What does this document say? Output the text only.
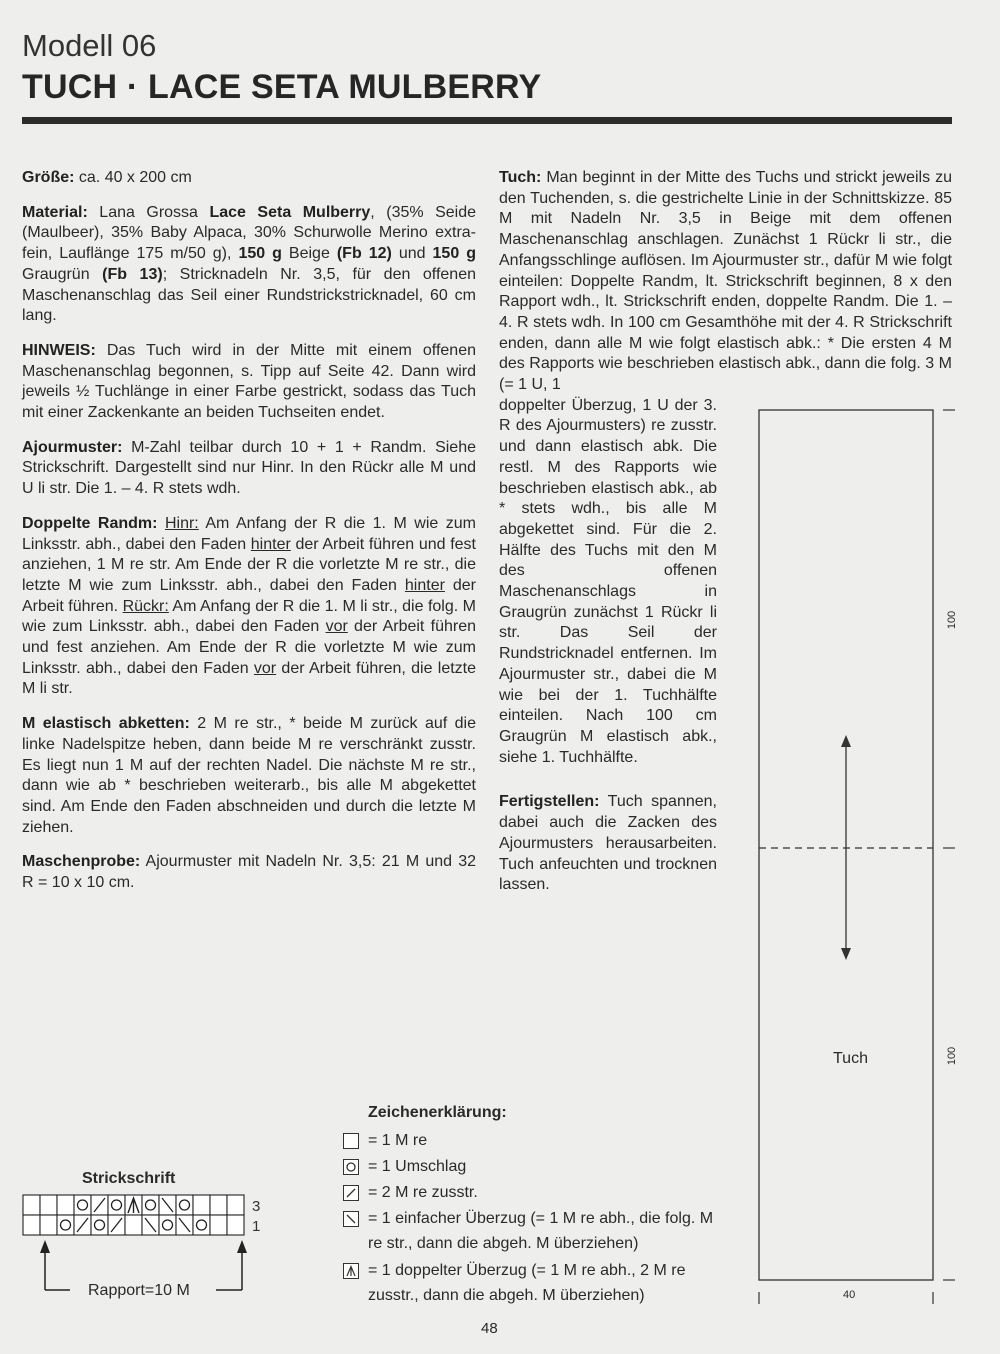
Modell 06
TUCH · LACE SETA MULBERRY

Größe: ca. 40 x 200 cm

Material: Lana Grossa Lace Seta Mulberry, (35% Seide (Maulbeer), 35% Baby Alpaca, 30% Schurwolle Merino extra-fein, Lauflänge 175 m/50 g), 150 g Beige (Fb 12) und 150 g Graugrün (Fb 13); Stricknadeln Nr. 3,5, für den offenen Maschenanschlag das Seil einer Rundstrickstricknadel, 60 cm lang.

HINWEIS: Das Tuch wird in der Mitte mit einem offenen Maschenanschlag begonnen, s. Tipp auf Seite 42. Dann wird jeweils ½ Tuchlänge in einer Farbe gestrickt, sodass das Tuch mit einer Zackenkante an beiden Tuchseiten endet.

Ajourmuster: M-Zahl teilbar durch 10 + 1 + Randm. Siehe Strickschrift. Dargestellt sind nur Hinr. In den Rückr alle M und U li str. Die 1. – 4. R stets wdh.

Doppelte Randm: Hinr: Am Anfang der R die 1. M wie zum Linksstr. abh., dabei den Faden hinter der Arbeit führen und fest anziehen, 1 M re str. Am Ende der R die vorletzte M re str., die letzte M wie zum Linksstr. abh., dabei den Faden hinter der Arbeit führen. Rückr: Am Anfang der R die 1. M li str., die folg. M wie zum Linksstr. abh., dabei den Faden vor der Arbeit führen und fest anziehen. Am Ende der R die vorletzte M wie zum Linksstr. abh., dabei den Faden vor der Arbeit führen, die letzte M li str.

M elastisch abketten: 2 M re str., * beide M zurück auf die linke Nadelspitze heben, dann beide M re verschränkt zusstr. Es liegt nun 1 M auf der rechten Nadel. Die nächste M re str., dann wie ab * beschrieben weiterarb., bis alle M abgekettet sind. Am Ende den Faden abschneiden und durch die letzte M ziehen.

Maschenprobe: Ajourmuster mit Nadeln Nr. 3,5: 21 M und 32 R = 10 x 10 cm.

Tuch: Man beginnt in der Mitte des Tuchs und strickt jeweils zu den Tuchenden, s. die gestrichelte Linie in der Schnittskizze. 85 M mit Nadeln Nr. 3,5 in Beige mit dem offenen Maschenanschlag anschlagen. Zunächst 1 Rückr li str., die Anfangsschlinge auflösen. Im Ajourmuster str., dafür M wie folgt einteilen: Doppelte Randm, lt. Strickschrift beginnen, 8 x den Rapport wdh., lt. Strickschrift enden, doppelte Randm. Die 1. – 4. R stets wdh. In 100 cm Gesamthöhe mit der 4. R Strickschrift enden, dann alle M wie folgt elastisch abk.: * Die ersten 4 M des Rapports wie beschrieben elastisch abk., dann die folg. 3 M (= 1 U, 1

doppelter Überzug, 1 U der 3. R des Ajourmusters) re zusstr. und dann elastisch abk. Die restl. M des Rapports wie beschrieben elastisch abk., ab * stets wdh., bis alle M abgekettet sind. Für die 2. Hälfte des Tuchs mit den M des offenen Maschenanschlags in Graugrün zunächst 1 Rückr li str. Das Seil der Rundstricknadel entfernen. Im Ajourmuster str., dabei die M wie bei der 1. Tuchhälfte einteilen. Nach 100 cm Graugrün M elastisch abk., siehe 1. Tuchhälfte.

Fertigstellen: Tuch spannen, dabei auch die Zacken des Ajourmusters herausarbeiten. Tuch anfeuchten und trocknen lassen.

100
100
40
Tuch
Zeichenerklärung:
= 1 M re
= 1 Umschlag
= 2 M re zusstr.
= 1 einfacher Überzug (= 1 M re abh., die folg. M re str., dann die abgeh. M überziehen)
= 1 doppelter Überzug (= 1 M re abh., 2 M re zusstr., dann die abgeh. M überziehen)
Strickschrift
3
1
Rapport=10 M
48
